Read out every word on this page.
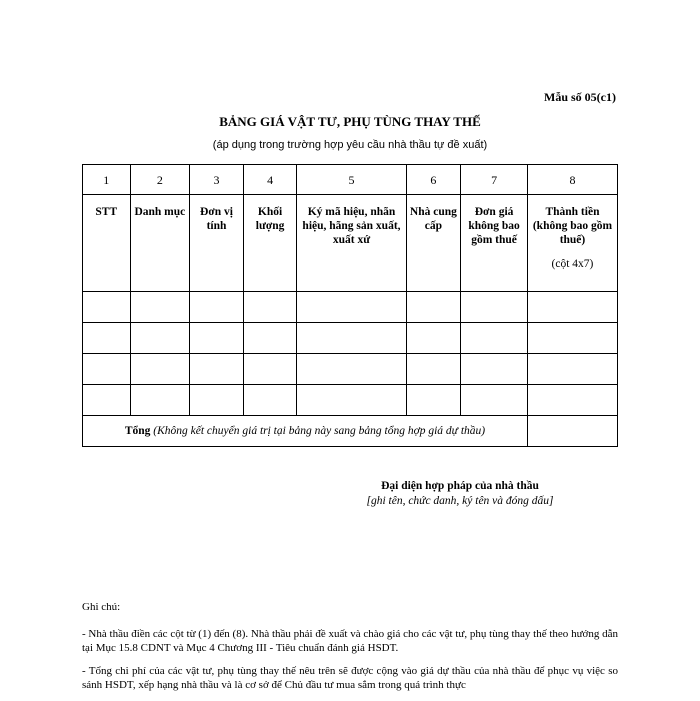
Mẫu số 05(c1)
BẢNG GIÁ VẬT TƯ, PHỤ TÙNG THAY THẾ
(áp dụng trong trường hợp yêu cầu nhà thầu tự đề xuất)
1	2	3	4	5	6	7	8
STT	Danh mục	Đơn vị tính	Khối lượng	Ký mã hiệu, nhãn hiệu, hãng sản xuất, xuất xứ	Nhà cung cấp	Đơn giá không bao gồm thuế	Thành tiền (không bao gồm thuế)
(cột 4x7)

Tổng (Không kết chuyển giá trị tại bảng này sang bảng tổng hợp giá dự thầu)							
Đại diện hợp pháp của nhà thầu
[ghi tên, chức danh, ký tên và đóng dấu]
Ghi chú:

- Nhà thầu điền các cột từ (1) đến (8). Nhà thầu phải đề xuất và chào giá cho các vật tư, phụ tùng thay thế theo hướng dẫn tại Mục 15.8 CDNT và Mục 4 Chương III - Tiêu chuẩn đánh giá HSDT.

- Tổng chi phí của các vật tư, phụ tùng thay thế nêu trên sẽ được cộng vào giá dự thầu của nhà thầu để phục vụ việc so sánh HSDT, xếp hạng nhà thầu và là cơ sở để Chủ đầu tư mua sắm trong quá trình thực
